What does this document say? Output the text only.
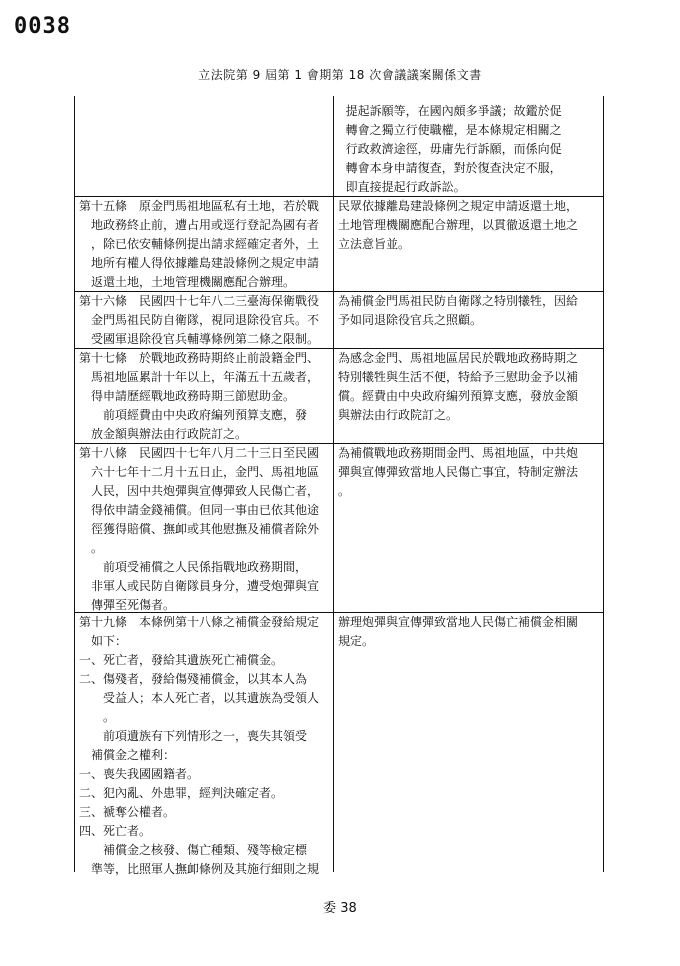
0038
立法院第 9 屆第 1 會期第 18 次會議議案關係文書
提起訴願等，在國內頗多爭議；故鑑於促
轉會之獨立行使職權，是本條規定相關之
行政救濟途徑，毋庸先行訴願，而係向促
轉會本身申請復查，對於復查決定不服，
即直接提起行政訴訟。
第十五條　原金門馬祖地區私有土地，若於戰
　地政務終止前，遭占用或逕行登記為國有者
　，除已依安輔條例提出請求經確定者外，土
　地所有權人得依據離島建設條例之規定申請
　返還土地，土地管理機關應配合辦理。
民眾依據離島建設條例之規定申請返還土地，
土地管理機關應配合辦理，以貫徹返還土地之
立法意旨並。
第十六條　民國四十七年八二三臺海保衛戰役
　金門馬祖民防自衛隊，視同退除役官兵。不
　受國軍退除役官兵輔導條例第二條之限制。
為補償金門馬祖民防自衛隊之特別犧牲，因給
予如同退除役官兵之照顧。
第十七條　於戰地政務時期終止前設籍金門、
　馬祖地區累計十年以上，年滿五十五歲者，
　得申請歷經戰地政務時期三節慰助金。
　　前項經費由中央政府編列預算支應，發
　放金額與辦法由行政院訂之。
為感念金門、馬祖地區居民於戰地政務時期之
特別犧牲與生活不便，特給予三慰助金予以補
償。經費由中央政府編列預算支應，發放金額
與辦法由行政院訂之。
第十八條　民國四十七年八月二十三日至民國
　六十七年十二月十五日止，金門、馬祖地區
　人民，因中共炮彈與宣傳彈致人民傷亡者，
　得依申請金錢補償。但同一事由已依其他途
　徑獲得賠償、撫卹或其他慰撫及補償者除外
　。
　　前項受補償之人民係指戰地政務期間，
　非軍人或民防自衛隊員身分，遭受炮彈與宣
　傳彈至死傷者。
為補償戰地政務期間金門、馬祖地區，中共炮
彈與宣傳彈致當地人民傷亡事宜，特制定辦法
。
第十九條　本條例第十八條之補償金發給規定
　如下：
一、死亡者，發給其遺族死亡補償金。
二、傷殘者，發給傷殘補償金，以其本人為
　　受益人；本人死亡者，以其遺族為受領人
　　。
　　前項遺族有下列情形之一，喪失其領受
　補償金之權利：
一、喪失我國國籍者。
二、犯內亂、外患罪，經判決確定者。
三、褫奪公權者。
四、死亡者。
　　補償金之核發、傷亡種類、殘等檢定標
　準等，比照軍人撫卹條例及其施行細則之規
辦理炮彈與宣傳彈致當地人民傷亡補償金相關
規定。
委 38
